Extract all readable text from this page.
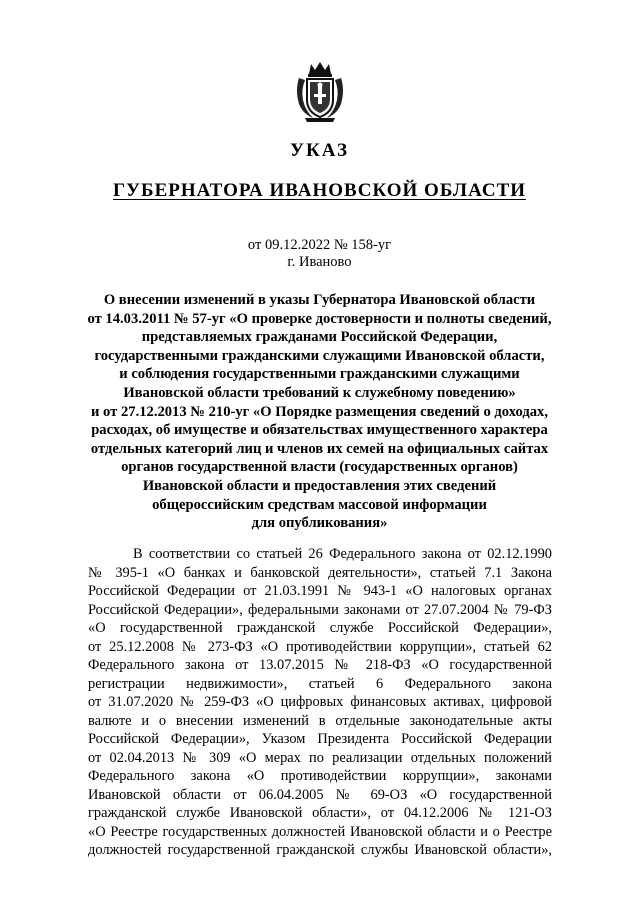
УКАЗ
ГУБЕРНАТОРА ИВАНОВСКОЙ ОБЛАСТИ
от 09.12.2022 № 158-уг
г. Иваново
О внесении изменений в указы Губернатора Ивановской области
от 14.03.2011 № 57-уг «О проверке достоверности и полноты сведений,
представляемых гражданами Российской Федерации,
государственными гражданскими служащими Ивановской области,
и соблюдения государственными гражданскими служащими
Ивановской области требований к служебному поведению»
и от 27.12.2013 № 210-уг «О Порядке размещения сведений о доходах,
расходах, об имуществе и обязательствах имущественного характера
отдельных категорий лиц и членов их семей на официальных сайтах
органов государственной власти (государственных органов)
Ивановской области и предоставления этих сведений
общероссийским средствам массовой информации
для опубликования»
В соответствии со статьей 26 Федерального закона от 02.12.1990
№ 395-1 «О банках и банковской деятельности», статьей 7.1 Закона
Российской Федерации от 21.03.1991 № 943-1 «О налоговых органах
Российской Федерации», федеральными законами от 27.07.2004 № 79-ФЗ
«О государственной гражданской службе Российской Федерации»,
от 25.12.2008 № 273-ФЗ «О противодействии коррупции», статьей 62
Федерального закона от 13.07.2015 № 218-ФЗ «О государственной
регистрации недвижимости», статьей 6 Федерального закона
от 31.07.2020 № 259-ФЗ «О цифровых финансовых активах, цифровой
валюте и о внесении изменений в отдельные законодательные акты
Российской Федерации», Указом Президента Российской Федерации
от 02.04.2013 № 309 «О мерах по реализации отдельных положений
Федерального закона «О противодействии коррупции», законами
Ивановской области от 06.04.2005 № 69-ОЗ «О государственной
гражданской службе Ивановской области», от 04.12.2006 № 121-ОЗ
«О Реестре государственных должностей Ивановской области и о Реестре
должностей государственной гражданской службы Ивановской области»,
